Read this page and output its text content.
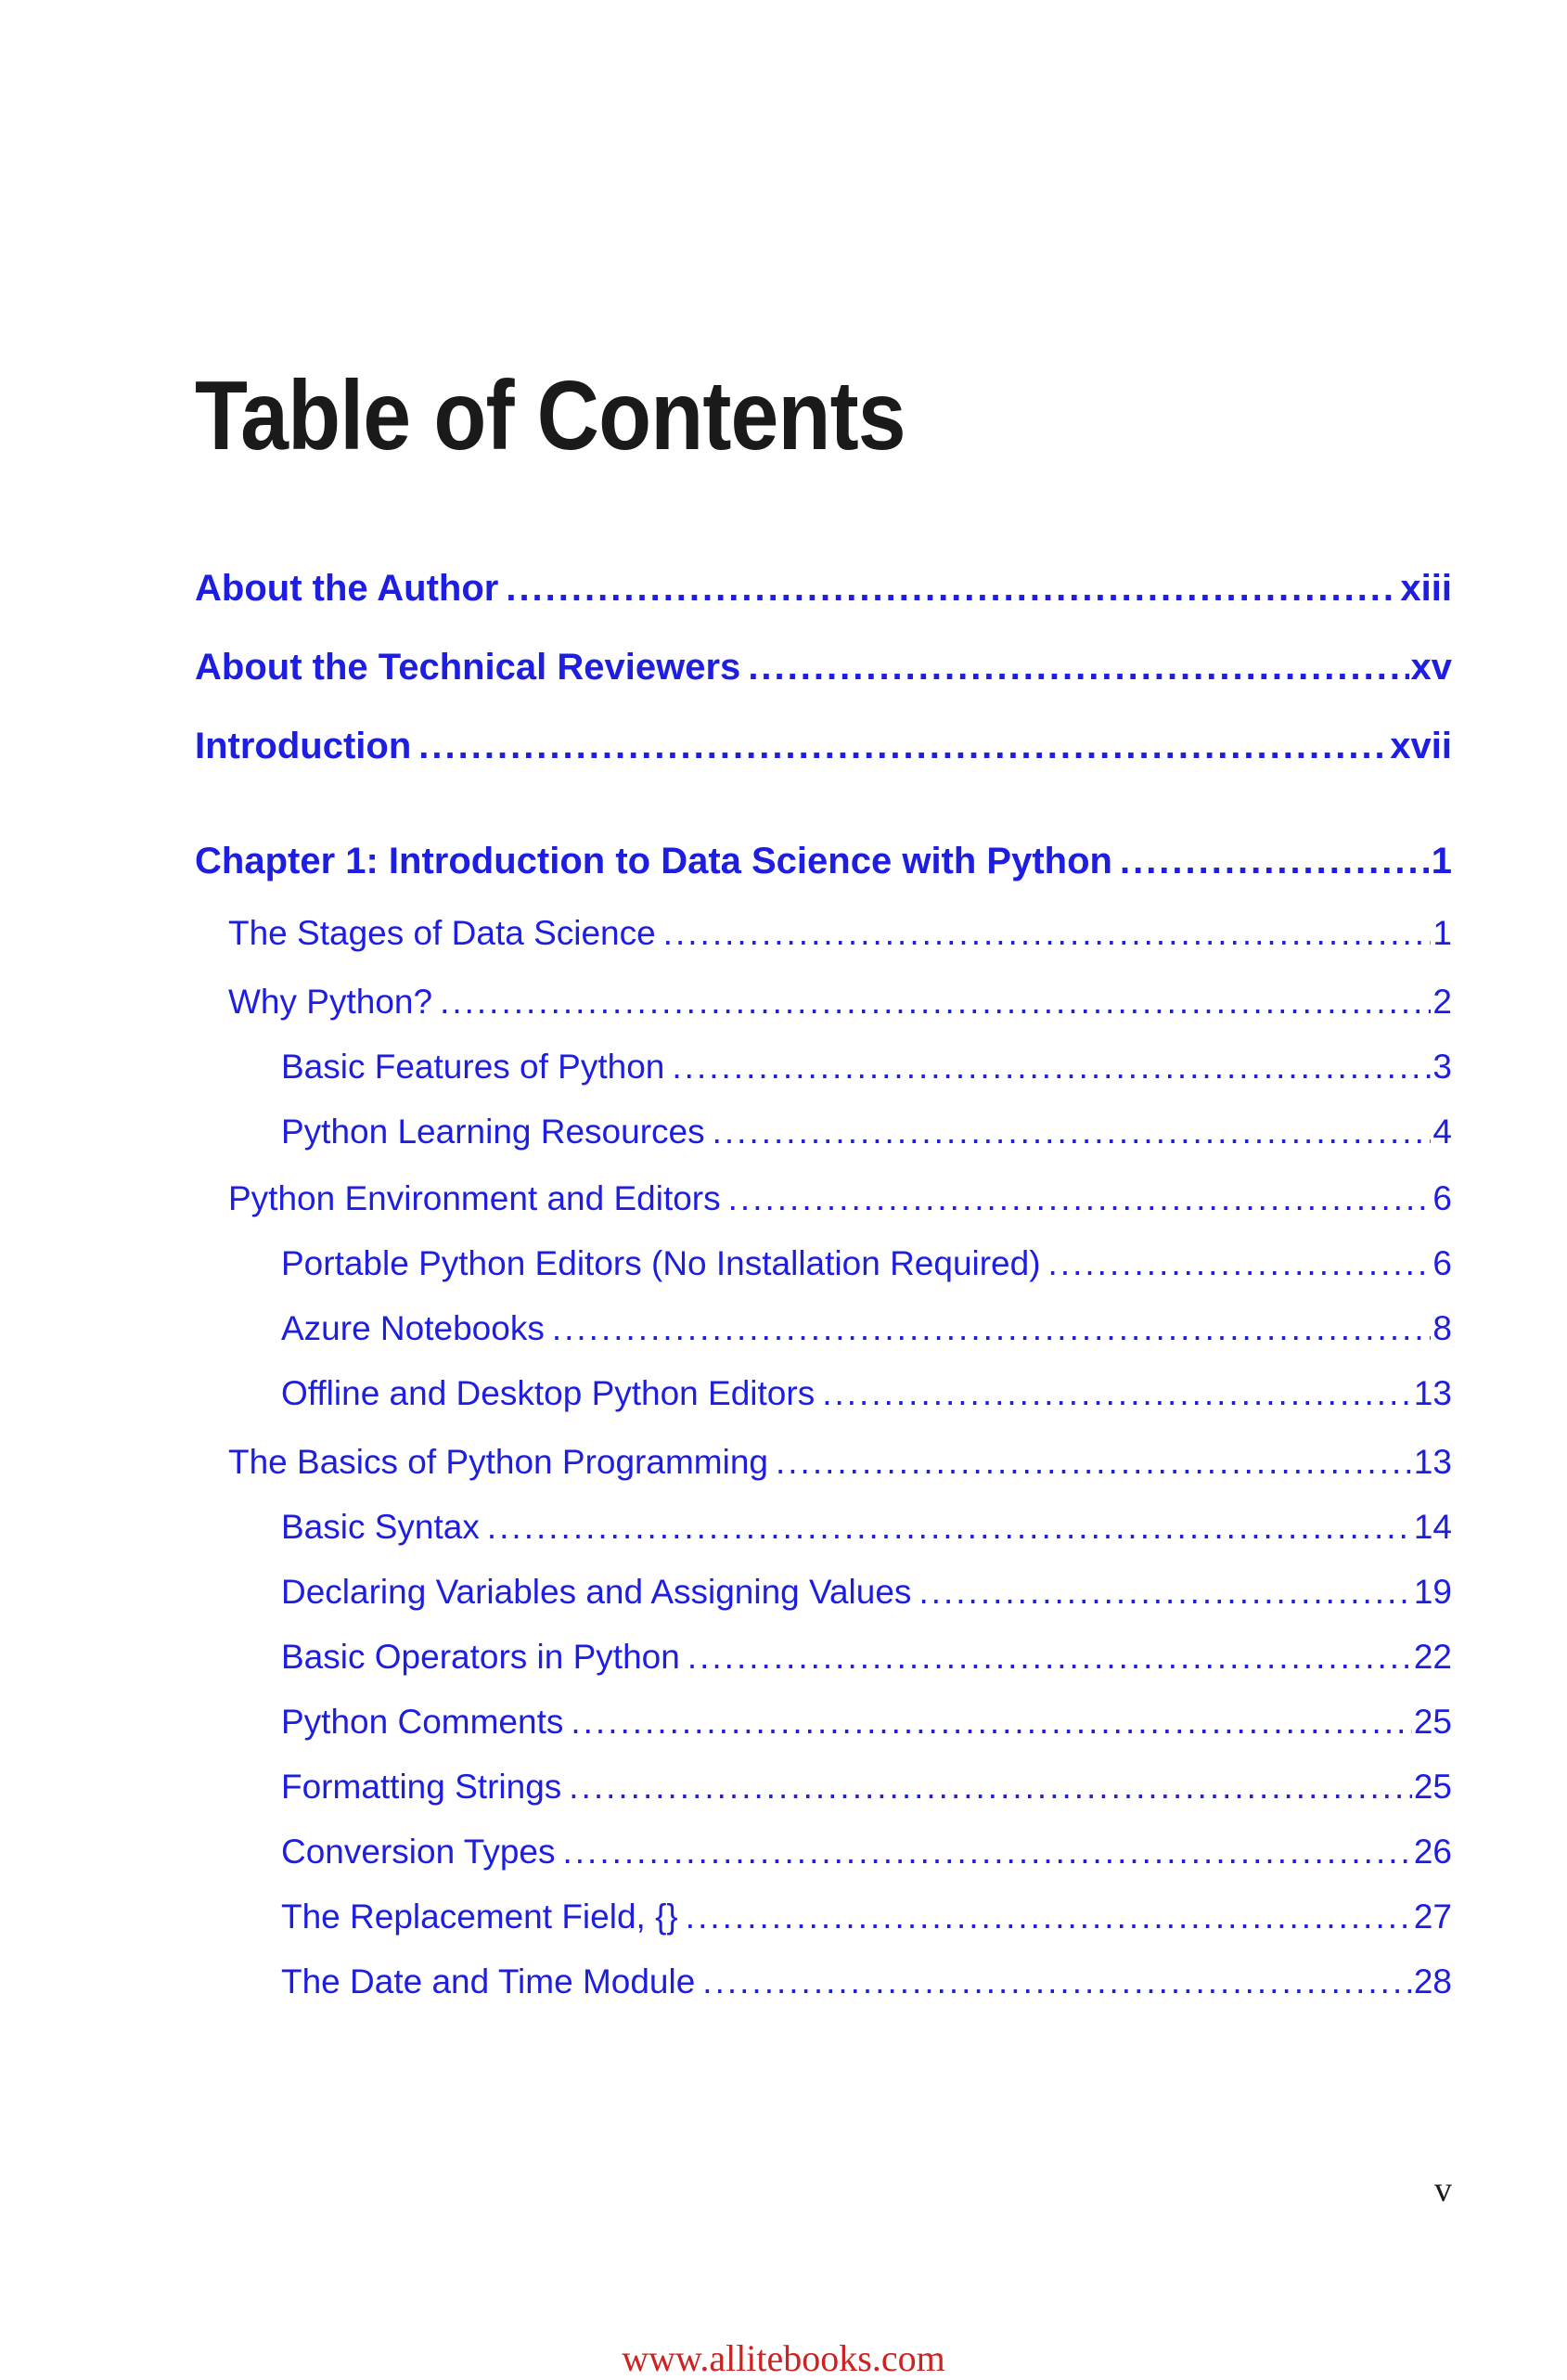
Table of Contents
About the Author .....	xiii
About the Technical Reviewers .....	xv
Introduction .....	xvii
Chapter 1: Introduction to Data Science with Python .....	1
The Stages of Data Science .....	1
Why Python? .....	2
Basic Features of Python .....	3
Python Learning Resources .....	4
Python Environment and Editors .....	6
Portable Python Editors (No Installation Required) .....	6
Azure Notebooks .....	8
Offline and Desktop Python Editors .....	13
The Basics of Python Programming .....	13
Basic Syntax .....	14
Declaring Variables and Assigning Values .....	19
Basic Operators in Python .....	22
Python Comments .....	25
Formatting Strings .....	25
Conversion Types .....	26
The Replacement Field, {} .....	27
The Date and Time Module .....	28
v
www.allitebooks.com
